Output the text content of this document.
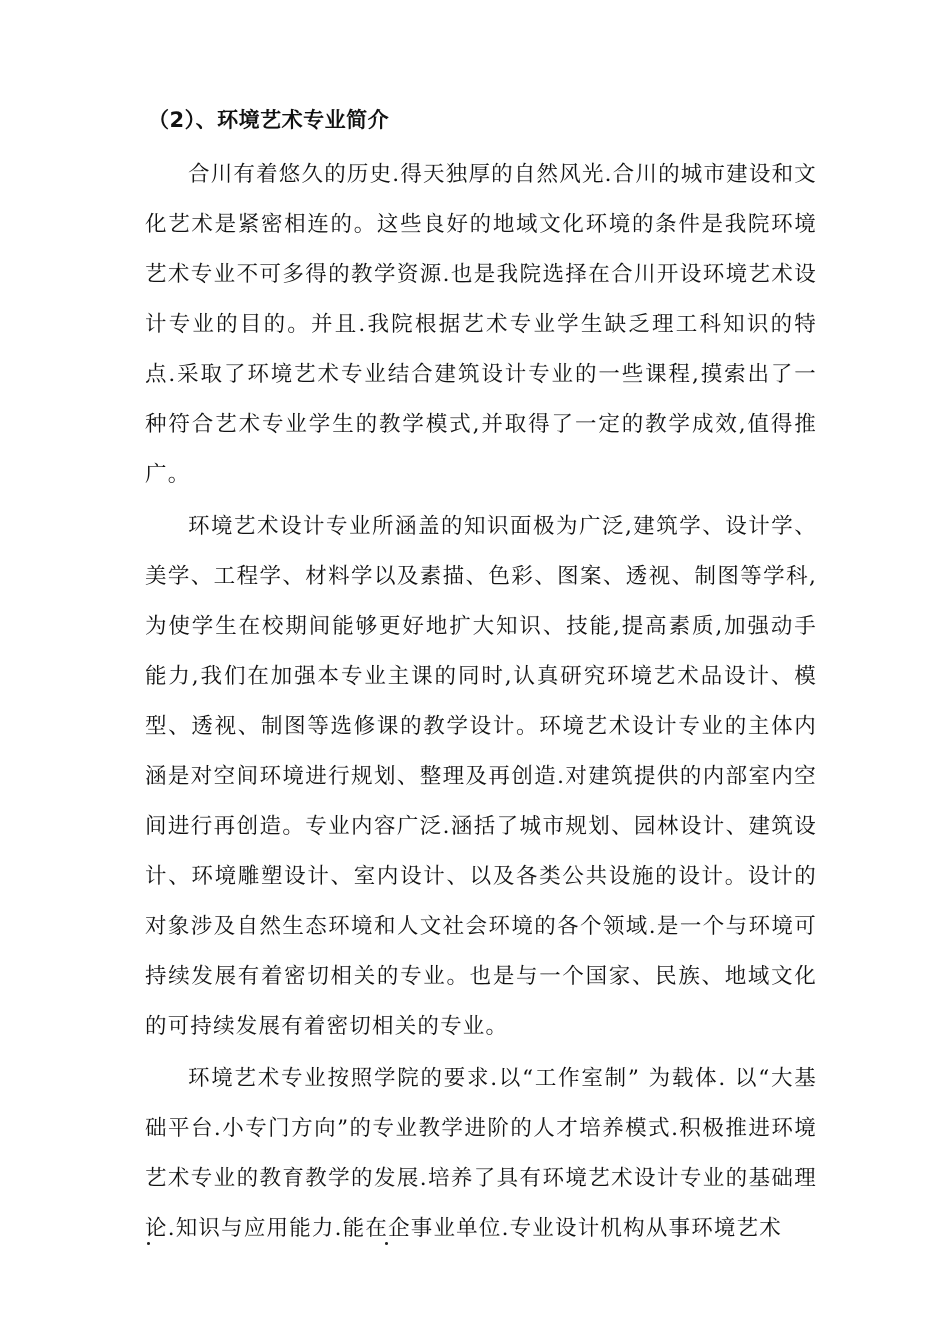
（2）、环境艺术专业简介

合川有着悠久的历史.得天独厚的自然风光.合川的城市建设和文化艺术是紧密相连的。这些良好的地域文化环境的条件是我院环境艺术专业不可多得的教学资源.也是我院选择在合川开设环境艺术设计专业的目的。并且.我院根据艺术专业学生缺乏理工科知识的特点.采取了环境艺术专业结合建筑设计专业的一些课程,摸索出了一种符合艺术专业学生的教学模式,并取得了一定的教学成效,值得推广。

环境艺术设计专业所涵盖的知识面极为广泛,建筑学、设计学、美学、工程学、材料学以及素描、色彩、图案、透视、制图等学科,为使学生在校期间能够更好地扩大知识、技能,提高素质,加强动手能力,我们在加强本专业主课的同时,认真研究环境艺术品设计、模型、透视、制图等选修课的教学设计。环境艺术设计专业的主体内涵是对空间环境进行规划、整理及再创造.对建筑提供的内部室内空间进行再创造。专业内容广泛.涵括了城市规划、园林设计、建筑设计、环境雕塑设计、室内设计、以及各类公共设施的设计。设计的对象涉及自然生态环境和人文社会环境的各个领域.是一个与环境可持续发展有着密切相关的专业。也是与一个国家、民族、地域文化的可持续发展有着密切相关的专业。

环境艺术专业按照学院的要求.以“工作室制” 为载体. 以“大基础平台.小专门方向”的专业教学进阶的人才培养模式.积极推进环境艺术专业的教育教学的发展.培养了具有环境艺术设计专业的基础理论.知识与应用能力.能在企事业单位.专业设计机构从事环境艺术
